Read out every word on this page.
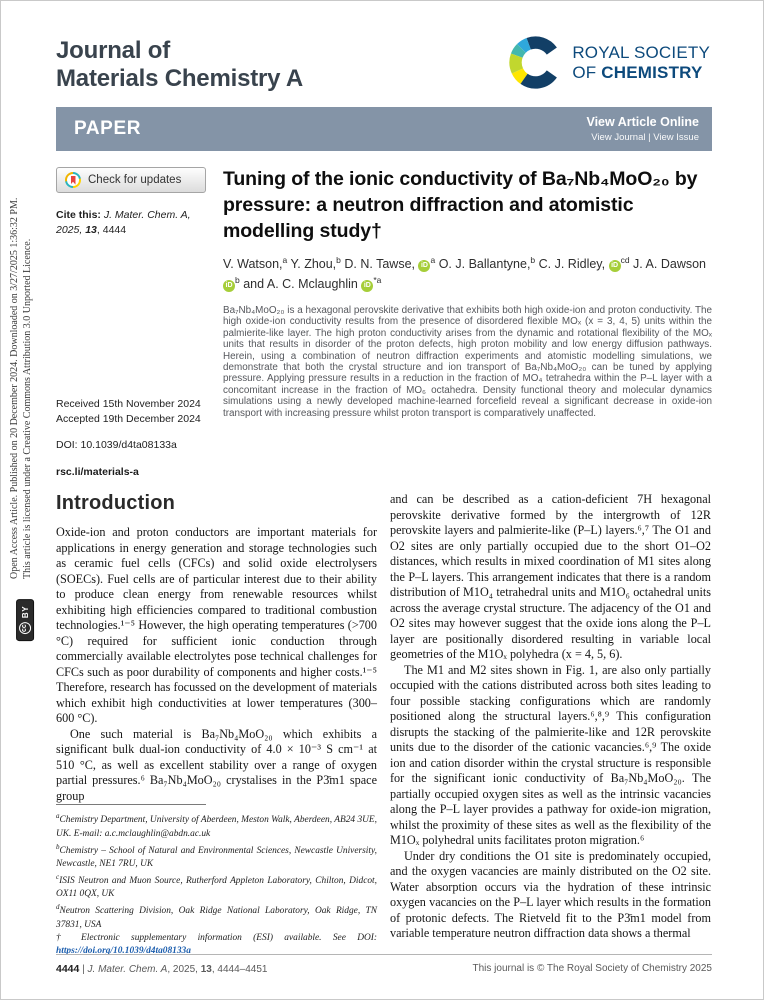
Open Access Article. Published on 20 December 2024. Downloaded on 3/27/2025 1:36:32 PM. This article is licensed under a Creative Commons Attribution 3.0 Unported Licence.
cc
BY
Journal of
Materials Chemistry A
ROYAL SOCIETY
OF CHEMISTRY
PAPER	View Article Online
View Journal | View Issue
Check for updates
Cite this: J. Mater. Chem. A, 2025, 13, 4444
Tuning of the ionic conductivity of Ba₇Nb₄MoO₂₀ by pressure: a neutron diffraction and atomistic modelling study†
V. Watson,$^a$ Y. Zhou,$^b$ D. N. Tawse, $iD^a$ O. J. Ballantyne,$^b$ C. J. Ridley, $iD^{cd}$ J. A. Dawson $iD^b$ and A. C. Mclaughlin $iD^{*a}$
Received 15th November 2024
Accepted 19th December 2024
DOI: 10.1039/d4ta08133a
rsc.li/materials-a
Ba₇Nb₄MoO₂₀ is a hexagonal perovskite derivative that exhibits both high oxide-ion and proton conductivity. The high oxide-ion conductivity results from the presence of disordered flexible MOₓ (x = 3, 4, 5) units within the palmierite-like layer. The high proton conductivity arises from the dynamic and rotational flexibility of the MOₓ units that results in disorder of the proton defects, high proton mobility and low energy diffusion pathways. Herein, using a combination of neutron diffraction experiments and atomistic modelling simulations, we demonstrate that both the crystal structure and ion transport of Ba₇Nb₄MoO₂₀ can be tuned by applying pressure. Applying pressure results in a reduction in the fraction of MO₄ tetrahedra within the P–L layer with a concomitant increase in the fraction of MO₆ octahedra. Density functional theory and molecular dynamics simulations using a newly developed machine-learned forcefield reveal a significant decrease in oxide-ion transport with increasing pressure whilst proton transport is comparatively unaffected.
Introduction

Oxide-ion and proton conductors are important materials for applications in energy generation and storage technologies such as ceramic fuel cells (CFCs) and solid oxide electrolysers (SOECs). Fuel cells are of particular interest due to their ability to produce clean energy from renewable resources whilst exhibiting high efficiencies compared to traditional combustion technologies.¹⁻⁵ However, the high operating temperatures (>700 °C) required for sufficient ionic conduction through commercially available electrolytes pose technical challenges for CFCs such as poor durability of components and higher costs.¹⁻⁵ Therefore, research has focussed on the development of materials which exhibit high conductivities at lower temperatures (300–600 °C).

One such material is Ba₇Nb₄MoO₂₀ which exhibits a significant bulk dual-ion conductivity of 4.0 × 10⁻³ S cm⁻¹ at 510 °C, as well as excellent stability over a range of oxygen partial pressures.⁶ Ba₇Nb₄MoO₂₀ crystalises in the P3̄m1 space group

$^a$Chemistry Department, University of Aberdeen, Meston Walk, Aberdeen, AB24 3UE, UK. E-mail: a.c.mclaughlin@abdn.ac.uk

$^b$Chemistry – School of Natural and Environmental Sciences, Newcastle University, Newcastle, NE1 7RU, UK

$^c$ISIS Neutron and Muon Source, Rutherford Appleton Laboratory, Chilton, Didcot, OX11 0QX, UK

$^d$Neutron Scattering Division, Oak Ridge National Laboratory, Oak Ridge, TN 37831, USA

† Electronic supplementary information (ESI) available. See DOI: https://doi.org/10.1039/d4ta08133a

and can be described as a cation-deficient 7H hexagonal perovskite derivative formed by the intergrowth of 12R perovskite layers and palmierite-like (P–L) layers.⁶,⁷ The O1 and O2 sites are only partially occupied due to the short O1–O2 distances, which results in mixed coordination of M1 sites along the P–L layers. This arrangement indicates that there is a random distribution of M1O₄ tetrahedral units and M1O₆ octahedral units across the average crystal structure. The adjacency of the O1 and O2 sites may however suggest that the oxide ions along the P–L layer are positionally disordered resulting in variable local geometries of the M1Oₓ polyhedra (x = 4, 5, 6).

The M1 and M2 sites shown in Fig. 1, are also only partially occupied with the cations distributed across both sites leading to four possible stacking configurations which are randomly positioned along the structural layers.⁶,⁸,⁹ This configuration disrupts the stacking of the palmierite-like and 12R perovskite units due to the disorder of the cationic vacancies.⁶,⁹ The oxide ion and cation disorder within the crystal structure is responsible for the significant ionic conductivity of Ba₇Nb₄MoO₂₀. The partially occupied oxygen sites as well as the intrinsic vacancies along the P–L layer provides a pathway for oxide-ion migration, whilst the proximity of these sites as well as the flexibility of the M1Oₓ polyhedral units facilitates proton migration.⁶

Under dry conditions the O1 site is predominately occupied, and the oxygen vacancies are mainly distributed on the O2 site. Water absorption occurs via the hydration of these intrinsic oxygen vacancies on the P–L layer which results in the formation of protonic defects. The Rietveld fit to the P3̄m1 model from variable temperature neutron diffraction data shows a thermal

4444 | J. Mater. Chem. A, 2025, 13, 4444–4451	This journal is © The Royal Society of Chemistry 2025
